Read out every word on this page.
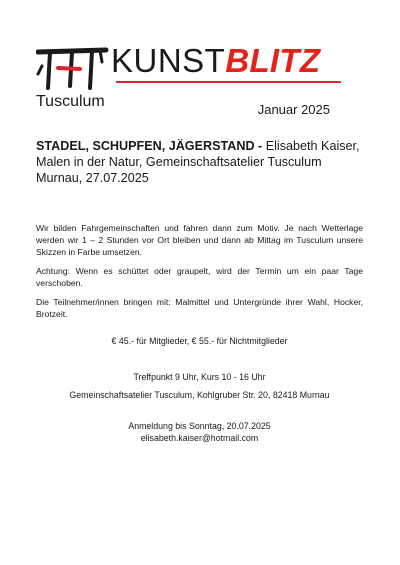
KUNSTBLITZ
Tusculum	Januar 2025
STADEL, SCHUPFEN, JÄGERSTAND - Elisabeth Kaiser, Malen in der Natur, Gemeinschaftsatelier Tusculum Murnau, 27.07.2025

Wir bilden Fahrgemeinschaften und fahren dann zum Motiv. Je nach Wetterlage werden wir 1 – 2 Stunden vor Ort bleiben und dann ab Mittag im Tusculum unsere Skizzen in Farbe umsetzen.

Achtung: Wenn es schüttet oder graupelt, wird der Termin um ein paar Tage verschoben.

Die Teilnehmer/innen bringen mit: Malmittel und Untergründe ihrer Wahl, Hocker, Brotzeit.

€ 45.- für Mitglieder, € 55.- für Nichtmitglieder
Treffpunkt 9 Uhr, Kurs 10 - 16 Uhr
Gemeinschaftsatelier Tusculum, Kohlgruber Str. 20, 82418 Murnau
Anmeldung bis Sonntag, 20.07.2025
elisabeth.kaiser@hotmail.com
